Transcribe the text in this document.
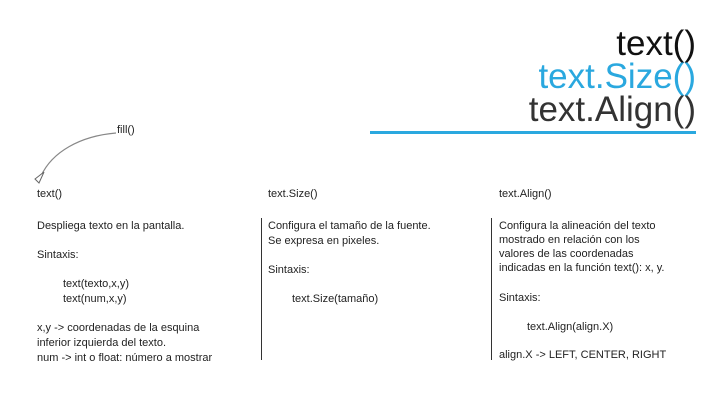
text()
text.Size()
text.Align()
fill()
text()
Despliega texto en la pantalla.
Sintaxis:
text(texto,x,y)
text(num,x,y)
x,y -> coordenadas de la esquina
inferior izquierda del texto.
num -> int o float: número a mostrar
text.Size()
Configura el tamaño de la fuente.
Se expresa en pixeles.
Sintaxis:
text.Size(tamaño)
text.Align()
Configura la alineación del texto
mostrado en relación con los
valores de las coordenadas
indicadas en la función text(): x, y.
Sintaxis:
text.Align(align.X)
align.X -> LEFT, CENTER, RIGHT
